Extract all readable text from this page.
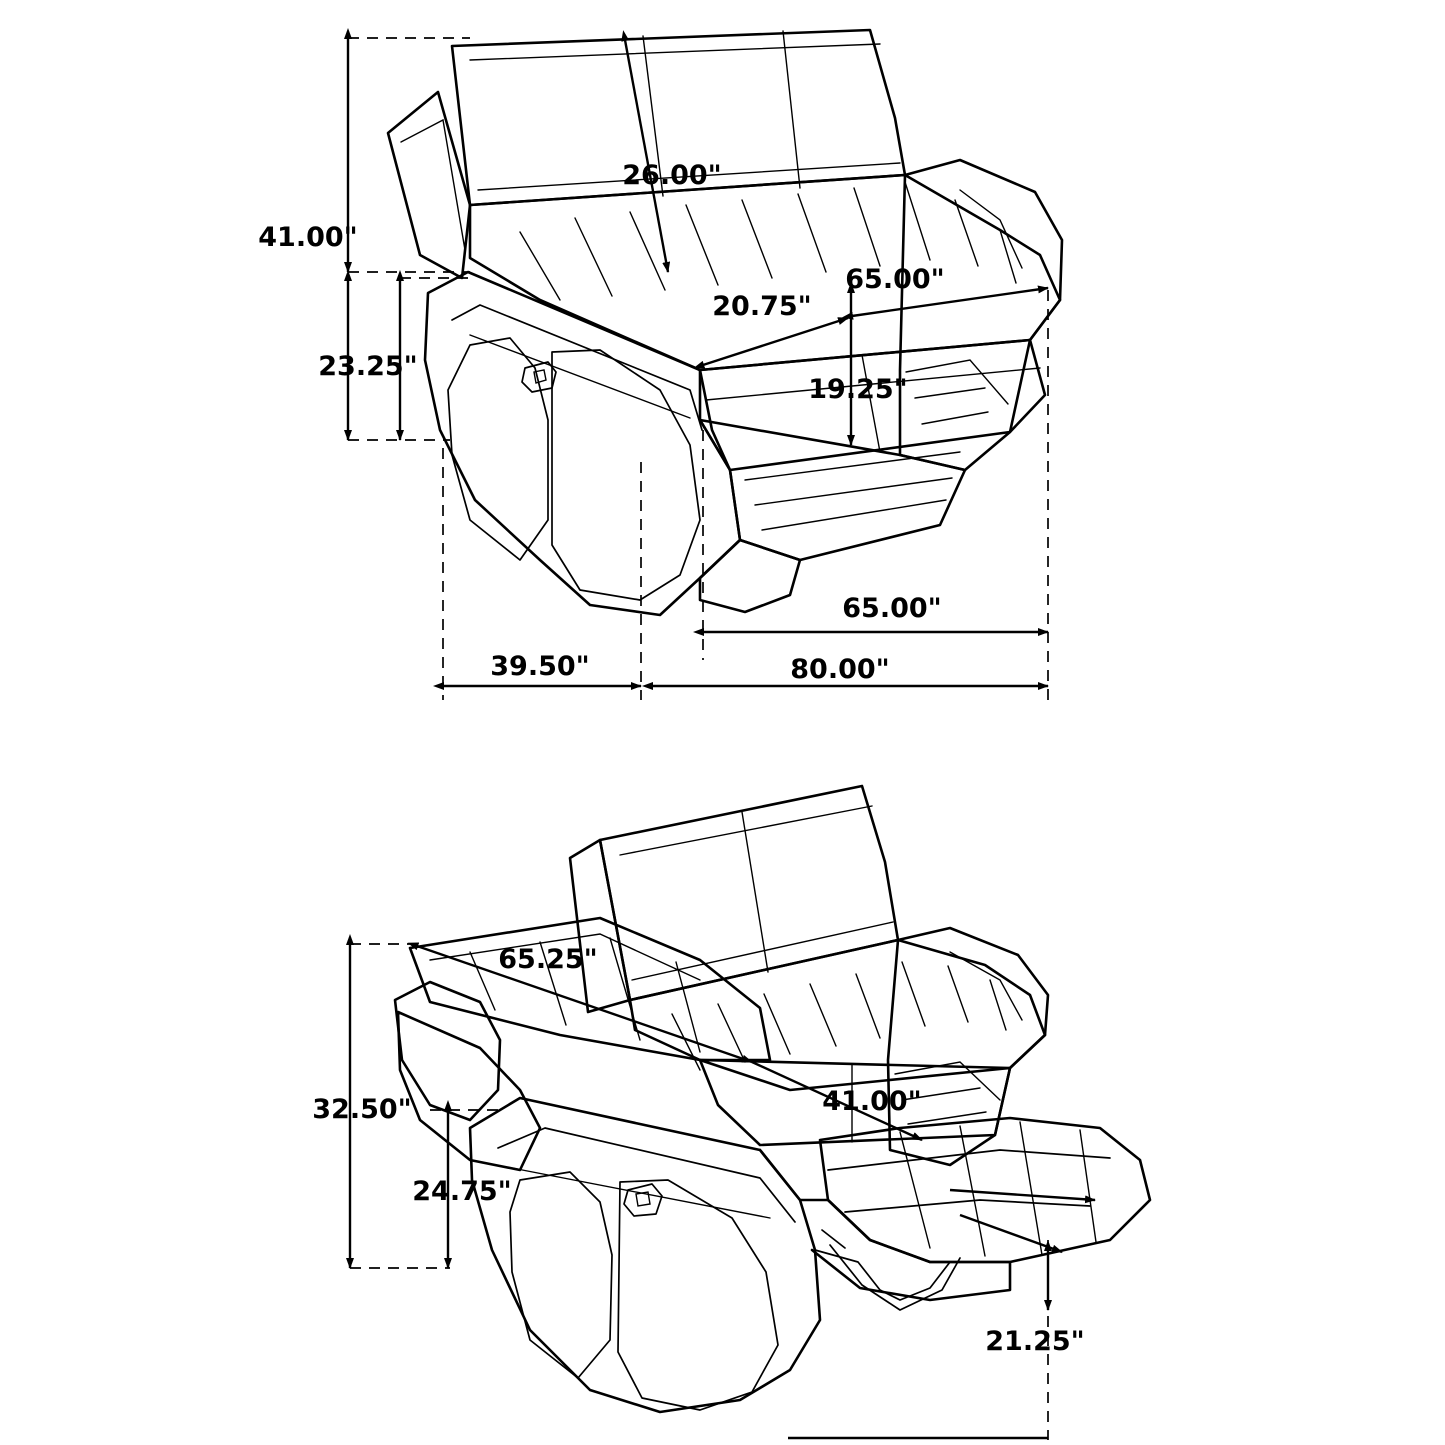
41.00"
23.25"
26.00"
20.75"
65.00"
19.25"
39.50"
65.00"
80.00"
65.25"
41.00"
32.50"
24.75"
21.25"
